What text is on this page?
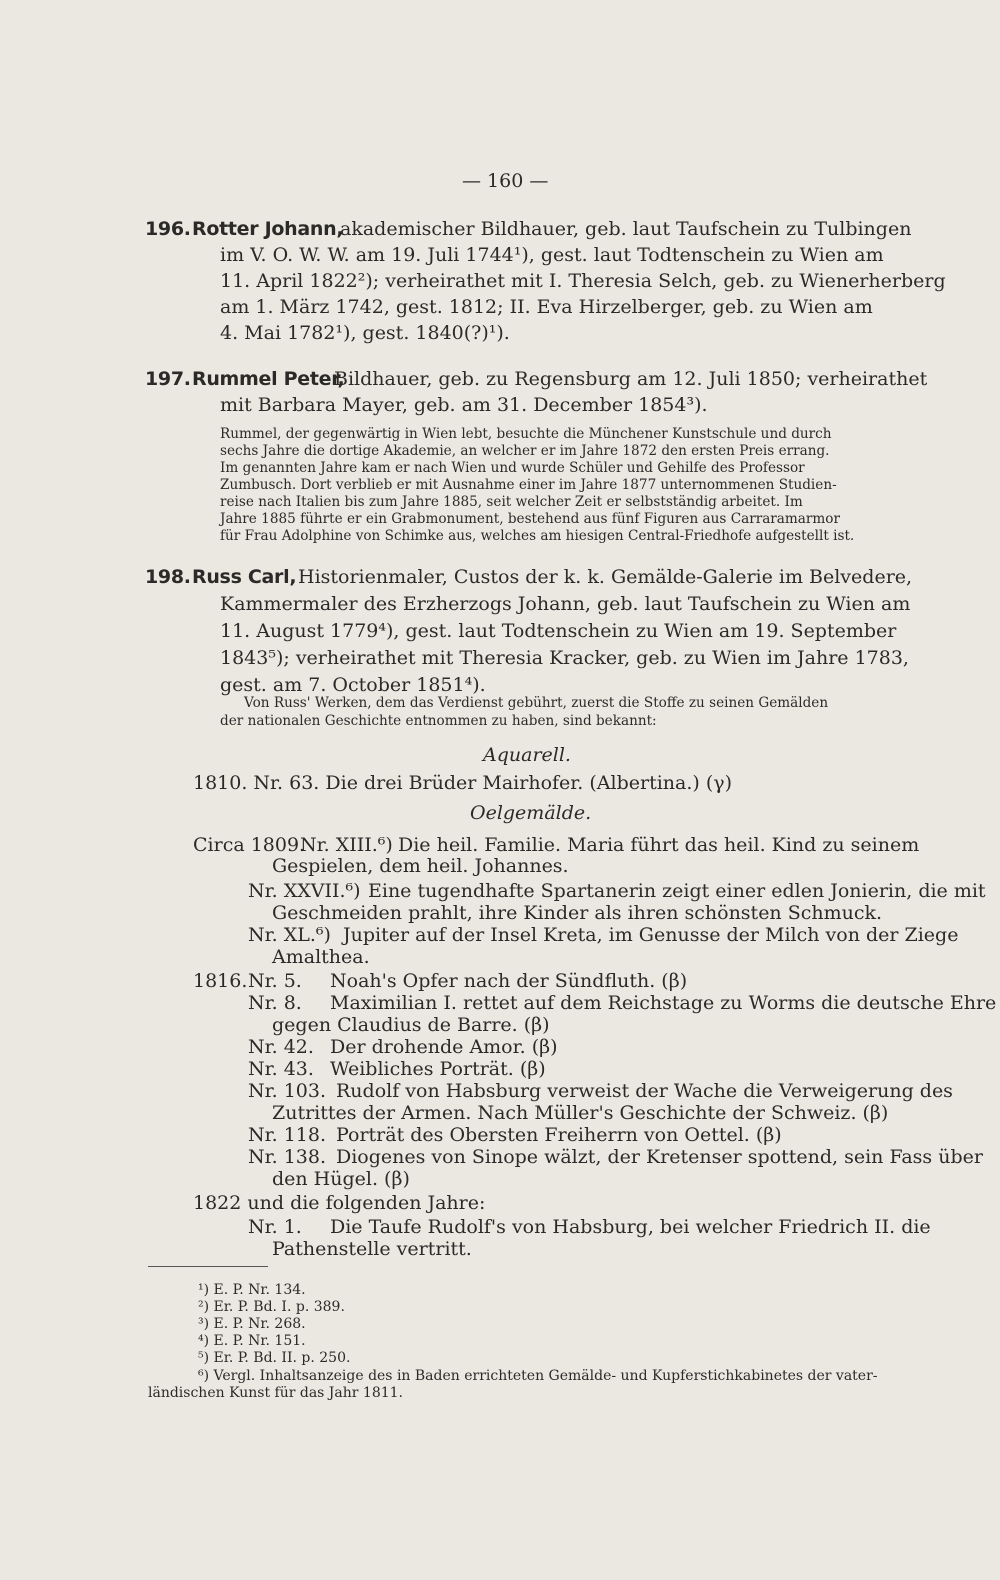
— 160 —
196. Rotter Johann,
akademischer Bildhauer, geb. laut Taufschein zu Tulbingen
im V. O. W. W. am 19. Juli 1744¹), gest. laut Todtenschein zu Wien am
11. April 1822²); verheirathet mit I. Theresia Selch, geb. zu Wienerherberg
am 1. März 1742, gest. 1812; II. Eva Hirzelberger, geb. zu Wien am
4. Mai 1782¹), gest. 1840(?)¹).
197. Rummel Peter,
Bildhauer, geb. zu Regensburg am 12. Juli 1850; verheirathet
mit Barbara Mayer, geb. am 31. December 1854³).
Rummel, der gegenwärtig in Wien lebt, besuchte die Münchener Kunstschule und durch
sechs Jahre die dortige Akademie, an welcher er im Jahre 1872 den ersten Preis errang.
Im genannten Jahre kam er nach Wien und wurde Schüler und Gehilfe des Professor
Zumbusch. Dort verblieb er mit Ausnahme einer im Jahre 1877 unternommenen Studien-
reise nach Italien bis zum Jahre 1885, seit welcher Zeit er selbstständig arbeitet. Im
Jahre 1885 führte er ein Grabmonument, bestehend aus fünf Figuren aus Carraramarmor
für Frau Adolphine von Schimke aus, welches am hiesigen Central-Friedhofe aufgestellt ist.
198. Russ Carl, Historienmaler, Custos der k. k. Gemälde-Galerie im Belvedere,
Kammermaler des Erzherzogs Johann, geb. laut Taufschein zu Wien am
11. August 1779⁴), gest. laut Todtenschein zu Wien am 19. September
1843⁵); verheirathet mit Theresia Kracker, geb. zu Wien im Jahre 1783,
gest. am 7. October 1851⁴).
Von Russ' Werken, dem das Verdienst gebührt, zuerst die Stoffe zu seinen Gemälden
der nationalen Geschichte entnommen zu haben, sind bekannt:
Aquarell.
1810. Nr. 63. Die drei Brüder Mairhofer. (Albertina.) (γ)
Oelgemälde.
Circa 1809.
Nr. XIII.⁶) Die heil. Familie. Maria führt das heil. Kind zu seinem
Gespielen, dem heil. Johannes.
Nr. XXVII.⁶) Eine tugendhafte Spartanerin zeigt einer edlen Jonierin, die mit
Geschmeiden prahlt, ihre Kinder als ihren schönsten Schmuck.
Nr. XL.⁶) Jupiter auf der Insel Kreta, im Genusse der Milch von der Ziege
Amalthea.
1816. Nr. 5. Noah's Opfer nach der Sündfluth. (β)
Nr. 8. Maximilian I. rettet auf dem Reichstage zu Worms die deutsche Ehre
gegen Claudius de Barre. (β)
Nr. 42. Der drohende Amor. (β)
Nr. 43. Weibliches Porträt. (β)
Nr. 103. Rudolf von Habsburg verweist der Wache die Verweigerung des
Zutrittes der Armen. Nach Müller's Geschichte der Schweiz. (β)
Nr. 118. Porträt des Obersten Freiherrn von Oettel. (β)
Nr. 138. Diogenes von Sinope wälzt, der Kretenser spottend, sein Fass über
den Hügel. (β)
1822 und die folgenden Jahre:
Nr. 1. Die Taufe Rudolf's von Habsburg, bei welcher Friedrich II. die
Pathenstelle vertritt.
¹) E. P. Nr. 134.
²) Er. P. Bd. I. p. 389.
³) E. P. Nr. 268.
⁴) E. P. Nr. 151.
⁵) Er. P. Bd. II. p. 250.
⁶) Vergl. Inhaltsanzeige des in Baden errichteten Gemälde- und Kupferstichkabinetes der vater-
ländischen Kunst für das Jahr 1811.
